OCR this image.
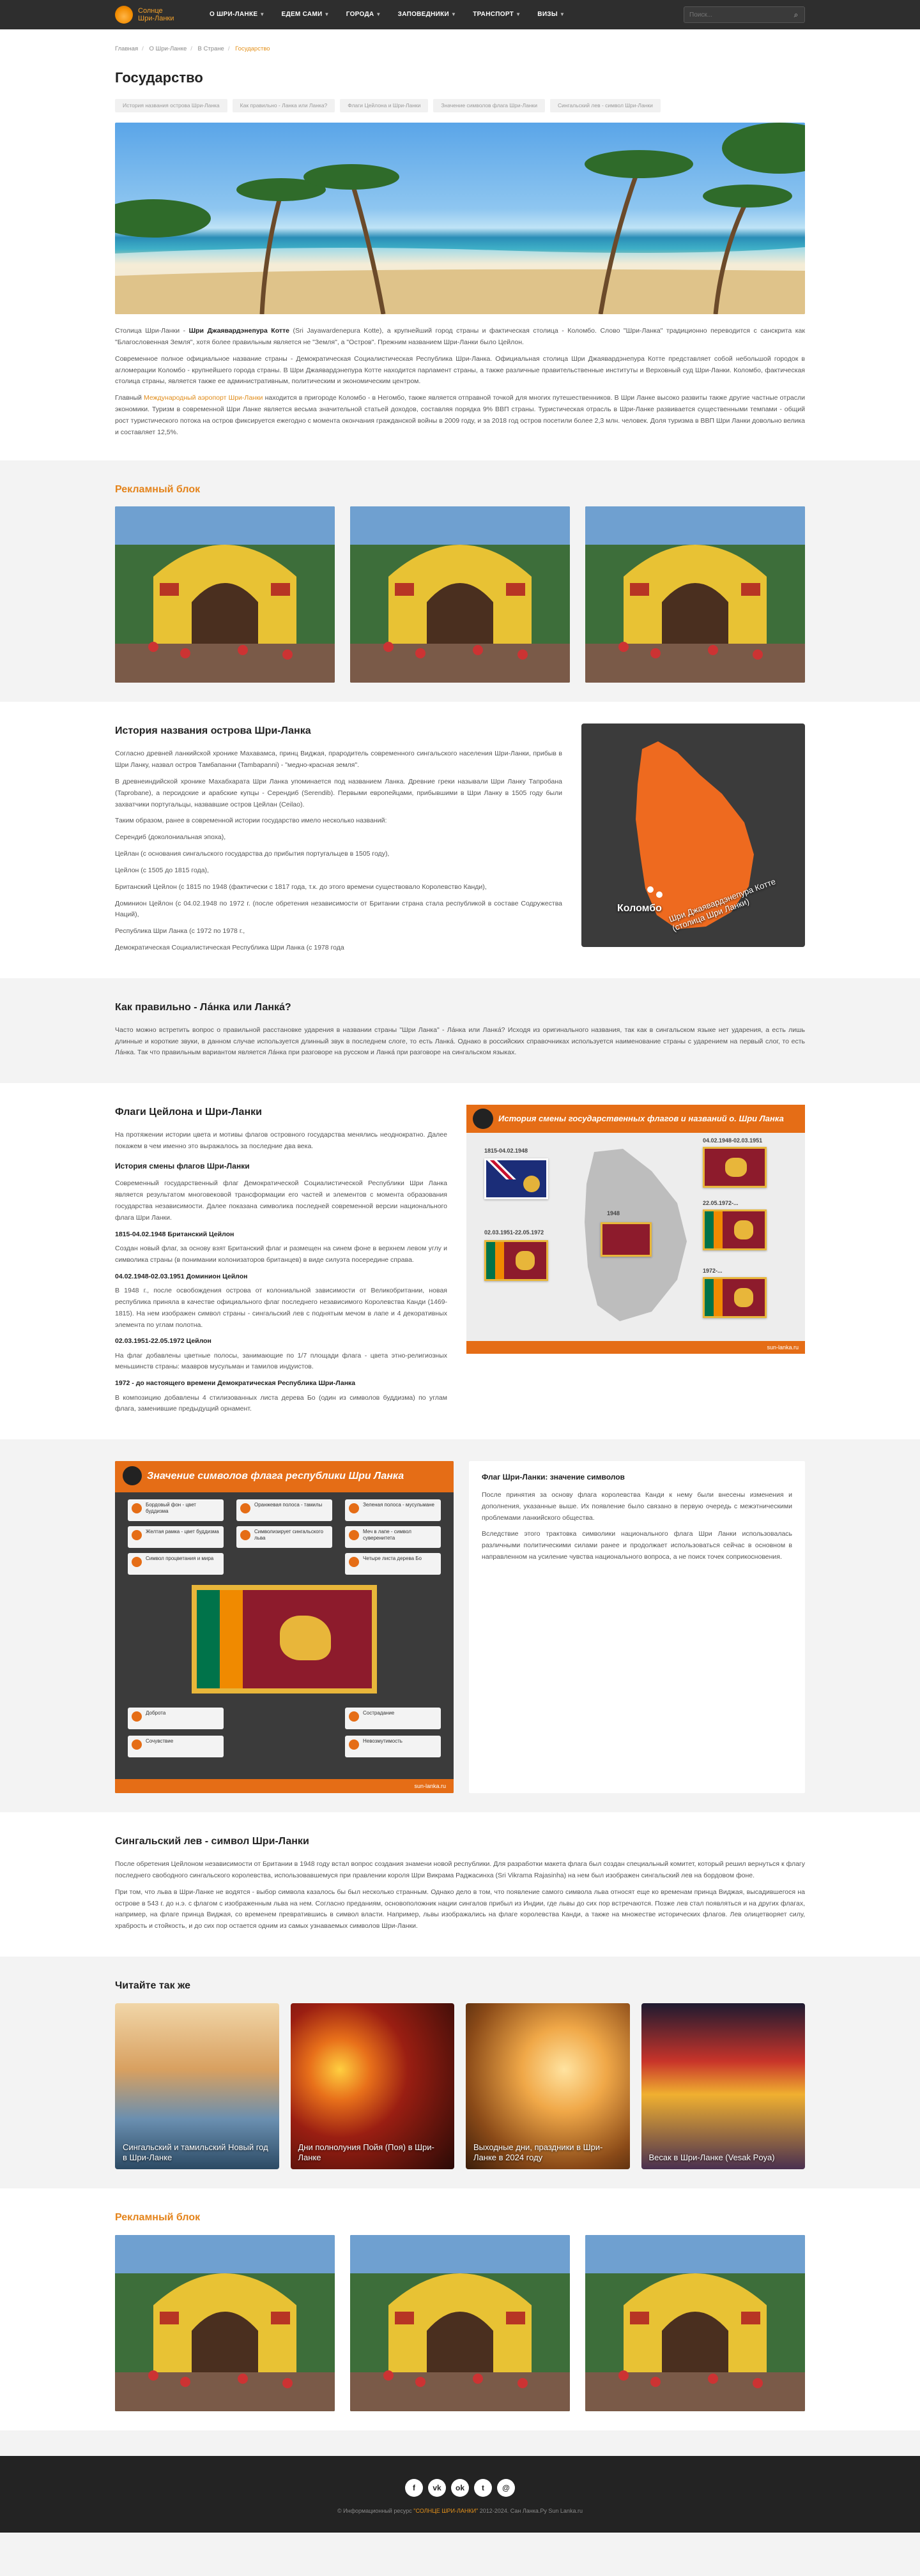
Солнце
Шри-Ланки
О ШРИ-ЛАНКЕ ▼	ЕДЕМ САМИ ▼	ГОРОДА ▼	ЗАПОВЕДНИКИ ▼	ТРАНСПОРТ ▼	ВИЗЫ ▼
Поиск...	⌕
Главная / О Шри-Ланке / В Стране / Государство
Государство
История названия острова Шри-Ланка	Как правильно - Ланка или Ланка?	Флаги Цейлона и Шри-Ланки	Значение символов флага Шри-Ланки	Сингальский лев - символ Шри-Ланки

Столица Шри-Ланки - Шри Джаявардэнепура Котте (Sri Jayawardenepura Kotte), а крупнейший город страны и фактическая столица - Коломбо. Слово "Шри-Ланка" традиционно переводится с санскрита как "Благословенная Земля", хотя более правильным является не "Земля", а "Остров". Прежним названием Шри-Ланки было Цейлон.

Современное полное официальное название страны - Демократическая Социалистическая Республика Шри-Ланка. Официальная столица Шри Джаявардэнепура Котте представляет собой небольшой городок в агломерации Коломбо - крупнейшего города страны. В Шри Джаявардэнепура Котте находится парламент страны, а также различные правительственные институты и Верховный суд Шри-Ланки. Коломбо, фактическая столица страны, является также ее административным, политическим и экономическим центром.

Главный Международный аэропорт Шри-Ланки находится в пригороде Коломбо - в Негомбо, также является отправной точкой для многих путешественников. В Шри Ланке высоко развиты также другие частные отрасли экономики. Туризм в современной Шри Ланке является весьма значительной статьей доходов, составляя порядка 9% ВВП страны. Туристическая отрасль в Шри-Ланке развивается существенными темпами - общий рост туристического потока на остров фиксируется ежегодно с момента окончания гражданской войны в 2009 году, и за 2018 год остров посетили более 2,3 млн. человек. Доля туризма в ВВП Шри Ланки довольно велика и составляет 12,5%.

Рекламный блок
История названия острова Шри-Ланка

Согласно древней ланкийской хронике Махавамса, принц Виджая, прародитель современного сингальского населения Шри-Ланки, прибыв в Шри Ланку, назвал остров Тамбапанни (Tambapanni) - "медно-красная земля".

В древнеиндийской хронике Махабхарата Шри Ланка упоминается под названием Ланка. Древние греки называли Шри Ланку Тапробана (Taprobane), а персидские и арабские купцы - Серендиб (Serendib). Первыми европейцами, прибывшими в Шри Ланку в 1505 году были захватчики португальцы, назвавшие остров Цейлан (Ceilao).

Таким образом, ранее в современной истории государство имело несколько названий:

Серендиб (доколониальная эпоха),

Цейлан (с основания сингальского государства до прибытия португальцев в 1505 году),

Цейлон (с 1505 до 1815 года),

Британский Цейлон (с 1815 по 1948 (фактически с 1817 года, т.к. до этого времени существовало Королевство Канди),

Доминион Цейлон (с 04.02.1948 по 1972 г. (после обретения независимости от Британии страна стала республикой в составе Содружества Наций),

Республика Шри Ланка (с 1972 по 1978 г.,

Демократическая Социалистическая Республика Шри Ланка (с 1978 года

Коломбо Шри Джаявардэнепура Котте (столица Шри Ланки)
Как правильно - Ла́нка или Ланка́?

Часто можно встретить вопрос о правильной расстановке ударения в названии страны "Шри Ланка" - Ла́нка или Ланка́? Исходя из оригинального названия, так как в сингальском языке нет ударения, а есть лишь длинные и короткие звуки, в данном случае используется длинный звук в последнем слоге, то есть Ланка́. Однако в российских справочниках используется наименование страны с ударением на первый слог, то есть Ла́нка. Так что правильным вариантом является Ла́нка при разговоре на русском и Ланка́ при разговоре на сингальском языках.

Флаги Цейлона и Шри-Ланки

На протяжении истории цвета и мотивы флагов островного государства менялись неоднократно. Далее покажем в чем именно это выражалось за последние два века.

История смены флагов Шри-Ланки

Современный государственный флаг Демократической Социалистической Республики Шри Ланка является результатом многовековой трансформации его частей и элементов с момента образования государства независимости. Далее показана символика последней современной версии национального флага Шри Ланки.

1815-04.02.1948 Британский Цейлон

Создан новый флаг, за основу взят Британский флаг и размещен на синем фоне в верхнем левом углу и символика страны (в понимании колонизаторов британцев) в виде силуэта посередине справа.

04.02.1948-02.03.1951 Доминион Цейлон

В 1948 г., после освобождения острова от колониальной зависимости от Великобритании, новая республика приняла в качестве официального флаг последнего независимого Королевства Канди (1469-1815). На нем изображен символ страны - сингальский лев с поднятым мечом в лапе и 4 декоративных элемента по углам полотна.

02.03.1951-22.05.1972 Цейлон

На флаг добавлены цветные полосы, занимающие по 1/7 площади флага - цвета этно-религиозных меньшинств страны: маавров мусульман и тамилов индуистов.

1972 - до настоящего времени Демократическая Республика Шри-Ланка

В композицию добавлены 4 стилизованных листа дерева Бо (один из символов буддизма) по углам флага, заменившие предыдущий орнамент.

История смены государственных флагов и названий о. Шри Ланка
04.02.1948-02.03.1951
02.03.1951-22.05.1972
1815-04.02.1948
22.05.1972-...
1972-...
1948
sun-lanka.ru
Значение символов флага республики Шри Ланка
Бордовый фон - цвет буддизма
Оранжевая полоса - тамилы	Зеленая полоса - мусульмане
Желтая рамка - цвет буддизма	Символизирует сингальского льва
Меч в лапе - символ суверенитета
Символ процветания и мира	Четыре листа дерева Бо
Доброта	Сострадание
Сочувствие	Невозмутимость
sun-lanka.ru
Флаг Шри-Ланки: значение символов

После принятия за основу флага королевства Канди к нему были внесены изменения и дополнения, указанные выше. Их появление было связано в первую очередь с межэтническими проблемами ланкийского общества.

Вследствие этого трактовка символики национального флага Шри Ланки использовалась различными политическими силами ранее и продолжает использоваться сейчас в основном в направленном на усиление чувства национального вопроса, а не поиск точек соприкосновения.

Сингальский лев - символ Шри-Ланки

После обретения Цейлоном независимости от Британии в 1948 году встал вопрос создания знамени новой республики. Для разработки макета флага был создан специальный комитет, который решил вернуться к флагу последнего свободного сингальского королевства, использовавшемуся при правлении короля Шри Викрама Раджасинха (Sri Vikrama Rajasinha) на нем был изображен сингальский лев на бордовом фоне.

При том, что льва в Шри-Ланке не водятся - выбор символа казалось бы был несколько странным. Однако дело в том, что появление самого символа льва относят еще ко временам принца Виджая, высадившегося на острове в 543 г. до н.э. с флагом с изображенным льва на нем. Согласно преданиям, основоположник нации сингалов прибыл из Индии, где львы до сих пор встречаются. Позже лев стал появляться и на других флагах, например, на флаге принца Виджая, со временем превратившись в символ власти. Например, львы изображались на флаге королевства Канди, а также на множестве исторических флагов. Лев олицетворяет силу, храбрость и стойкость, и до сих пор остается одним из самых узнаваемых символов Шри-Ланки.

Читайте так же
Сингальский и тамильский Новый год в Шри-Ланке
Дни полнолуния Пойя (Поя) в Шри-Ланке
Выходные дни, праздники в Шри-Ланке в 2024 году	Весак в Шри-Ланке (Vesak Poya)
Рекламный блок
f	vk	ok	t	@
© Информационный ресурс "СОЛНЦЕ ШРИ-ЛАНКИ" 2012-2024. Сан Ланка.Ру Sun Lanka.ru
